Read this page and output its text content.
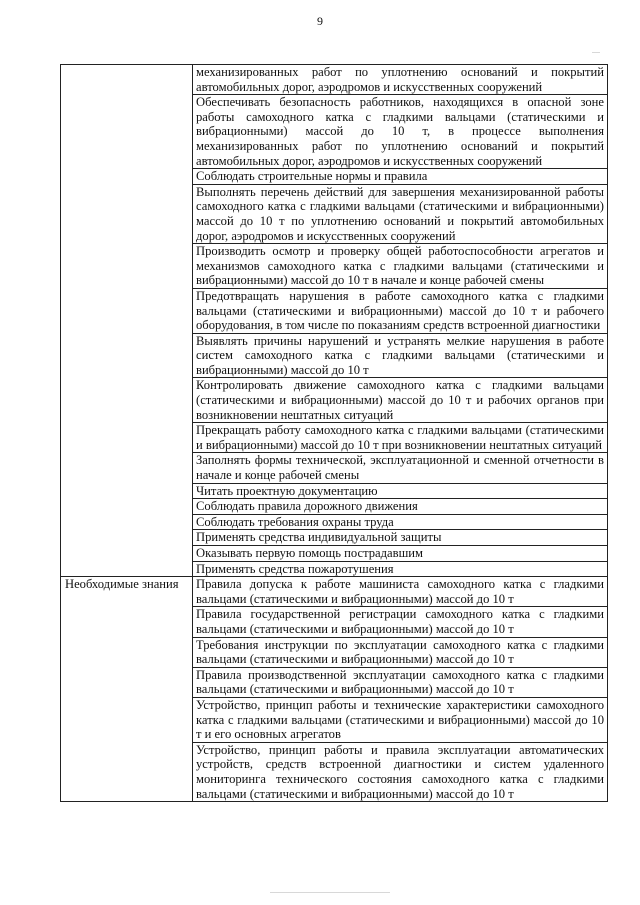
9
	механизированных работ по уплотнению оснований и покрытий автомобильных дорог, аэродромов и искусственных сооружений
	Обеспечивать безопасность работников, находящихся в опасной зоне работы самоходного катка с гладкими вальцами (статическими и вибрационными) массой до 10 т, в процессе выполнения механизированных работ по уплотнению оснований и покрытий автомобильных дорог, аэродромов и искусственных сооружений
	Соблюдать строительные нормы и правила
	Выполнять перечень действий для завершения механизированной работы самоходного катка с гладкими вальцами (статическими и вибрационными) массой до 10 т по уплотнению оснований и покрытий автомобильных дорог, аэродромов и искусственных сооружений
	Производить осмотр и проверку общей работоспособности агрегатов и механизмов самоходного катка с гладкими вальцами (статическими и вибрационными) массой до 10 т в начале и конце рабочей смены
	Предотвращать нарушения в работе самоходного катка с гладкими вальцами (статическими и вибрационными) массой до 10 т и рабочего оборудования, в том числе по показаниям средств встроенной диагностики
	Выявлять причины нарушений и устранять мелкие нарушения в работе систем самоходного катка с гладкими вальцами (статическими и вибрационными) массой до 10 т
	Контролировать движение самоходного катка с гладкими вальцами (статическими и вибрационными) массой до 10 т и рабочих органов при возникновении нештатных ситуаций
	Прекращать работу самоходного катка с гладкими вальцами (статическими и вибрационными) массой до 10 т при возникновении нештатных ситуаций
	Заполнять формы технической, эксплуатационной и сменной отчетности в начале и конце рабочей смены
	Читать проектную документацию
	Соблюдать правила дорожного движения
	Соблюдать требования охраны труда
	Применять средства индивидуальной защиты
	Оказывать первую помощь пострадавшим
	Применять средства пожаротушения
Необходимые знания	Правила допуска к работе машиниста самоходного катка с гладкими вальцами (статическими и вибрационными) массой до 10 т
	Правила государственной регистрации самоходного катка с гладкими вальцами (статическими и вибрационными) массой до 10 т
	Требования инструкции по эксплуатации самоходного катка с гладкими вальцами (статическими и вибрационными) массой до 10 т
	Правила производственной эксплуатации самоходного катка с гладкими вальцами (статическими и вибрационными) массой до 10 т
	Устройство, принцип работы и технические характеристики самоходного катка с гладкими вальцами (статическими и вибрационными) массой до 10 т и его основных агрегатов
	Устройство, принцип работы и правила эксплуатации автоматических устройств, средств встроенной диагностики и систем удаленного мониторинга технического состояния самоходного катка с гладкими вальцами (статическими и вибрационными) массой до 10 т
